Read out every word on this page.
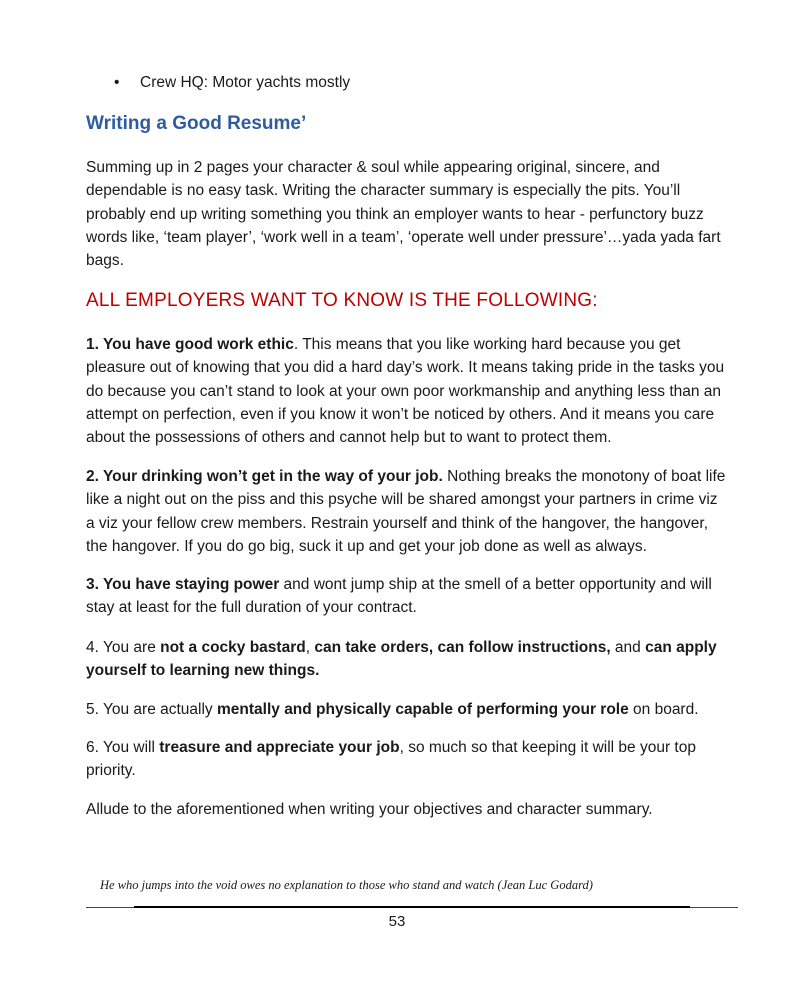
• Crew HQ: Motor yachts mostly
Writing a Good Resume’

Summing up in 2 pages your character & soul while appearing original, sincere, and dependable is no easy task. Writing the character summary is especially the pits. You’ll probably end up writing something you think an employer wants to hear - perfunctory buzz words like, ‘team player’, ‘work well in a team’, ‘operate well under pressure’…yada yada fart bags.

ALL EMPLOYERS WANT TO KNOW IS THE FOLLOWING:

1. You have good work ethic. This means that you like working hard because you get pleasure out of knowing that you did a hard day’s work. It means taking pride in the tasks you do because you can’t stand to look at your own poor workmanship and anything less than an attempt on perfection, even if you know it won’t be noticed by others. And it means you care about the possessions of others and cannot help but to want to protect them.

2. Your drinking won’t get in the way of your job. Nothing breaks the monotony of boat life like a night out on the piss and this psyche will be shared amongst your partners in crime viz a viz your fellow crew members. Restrain yourself and think of the hangover, the hangover, the hangover. If you do go big, suck it up and get your job done as well as always.

3. You have staying power and wont jump ship at the smell of a better opportunity and will stay at least for the full duration of your contract.

4. You are not a cocky bastard, can take orders, can follow instructions, and can apply yourself to learning new things.

5. You are actually mentally and physically capable of performing your role on board.

6. You will treasure and appreciate your job, so much so that keeping it will be your top priority.

Allude to the aforementioned when writing your objectives and character summary.

He who jumps into the void owes no explanation to those who stand and watch (Jean Luc Godard)
53
